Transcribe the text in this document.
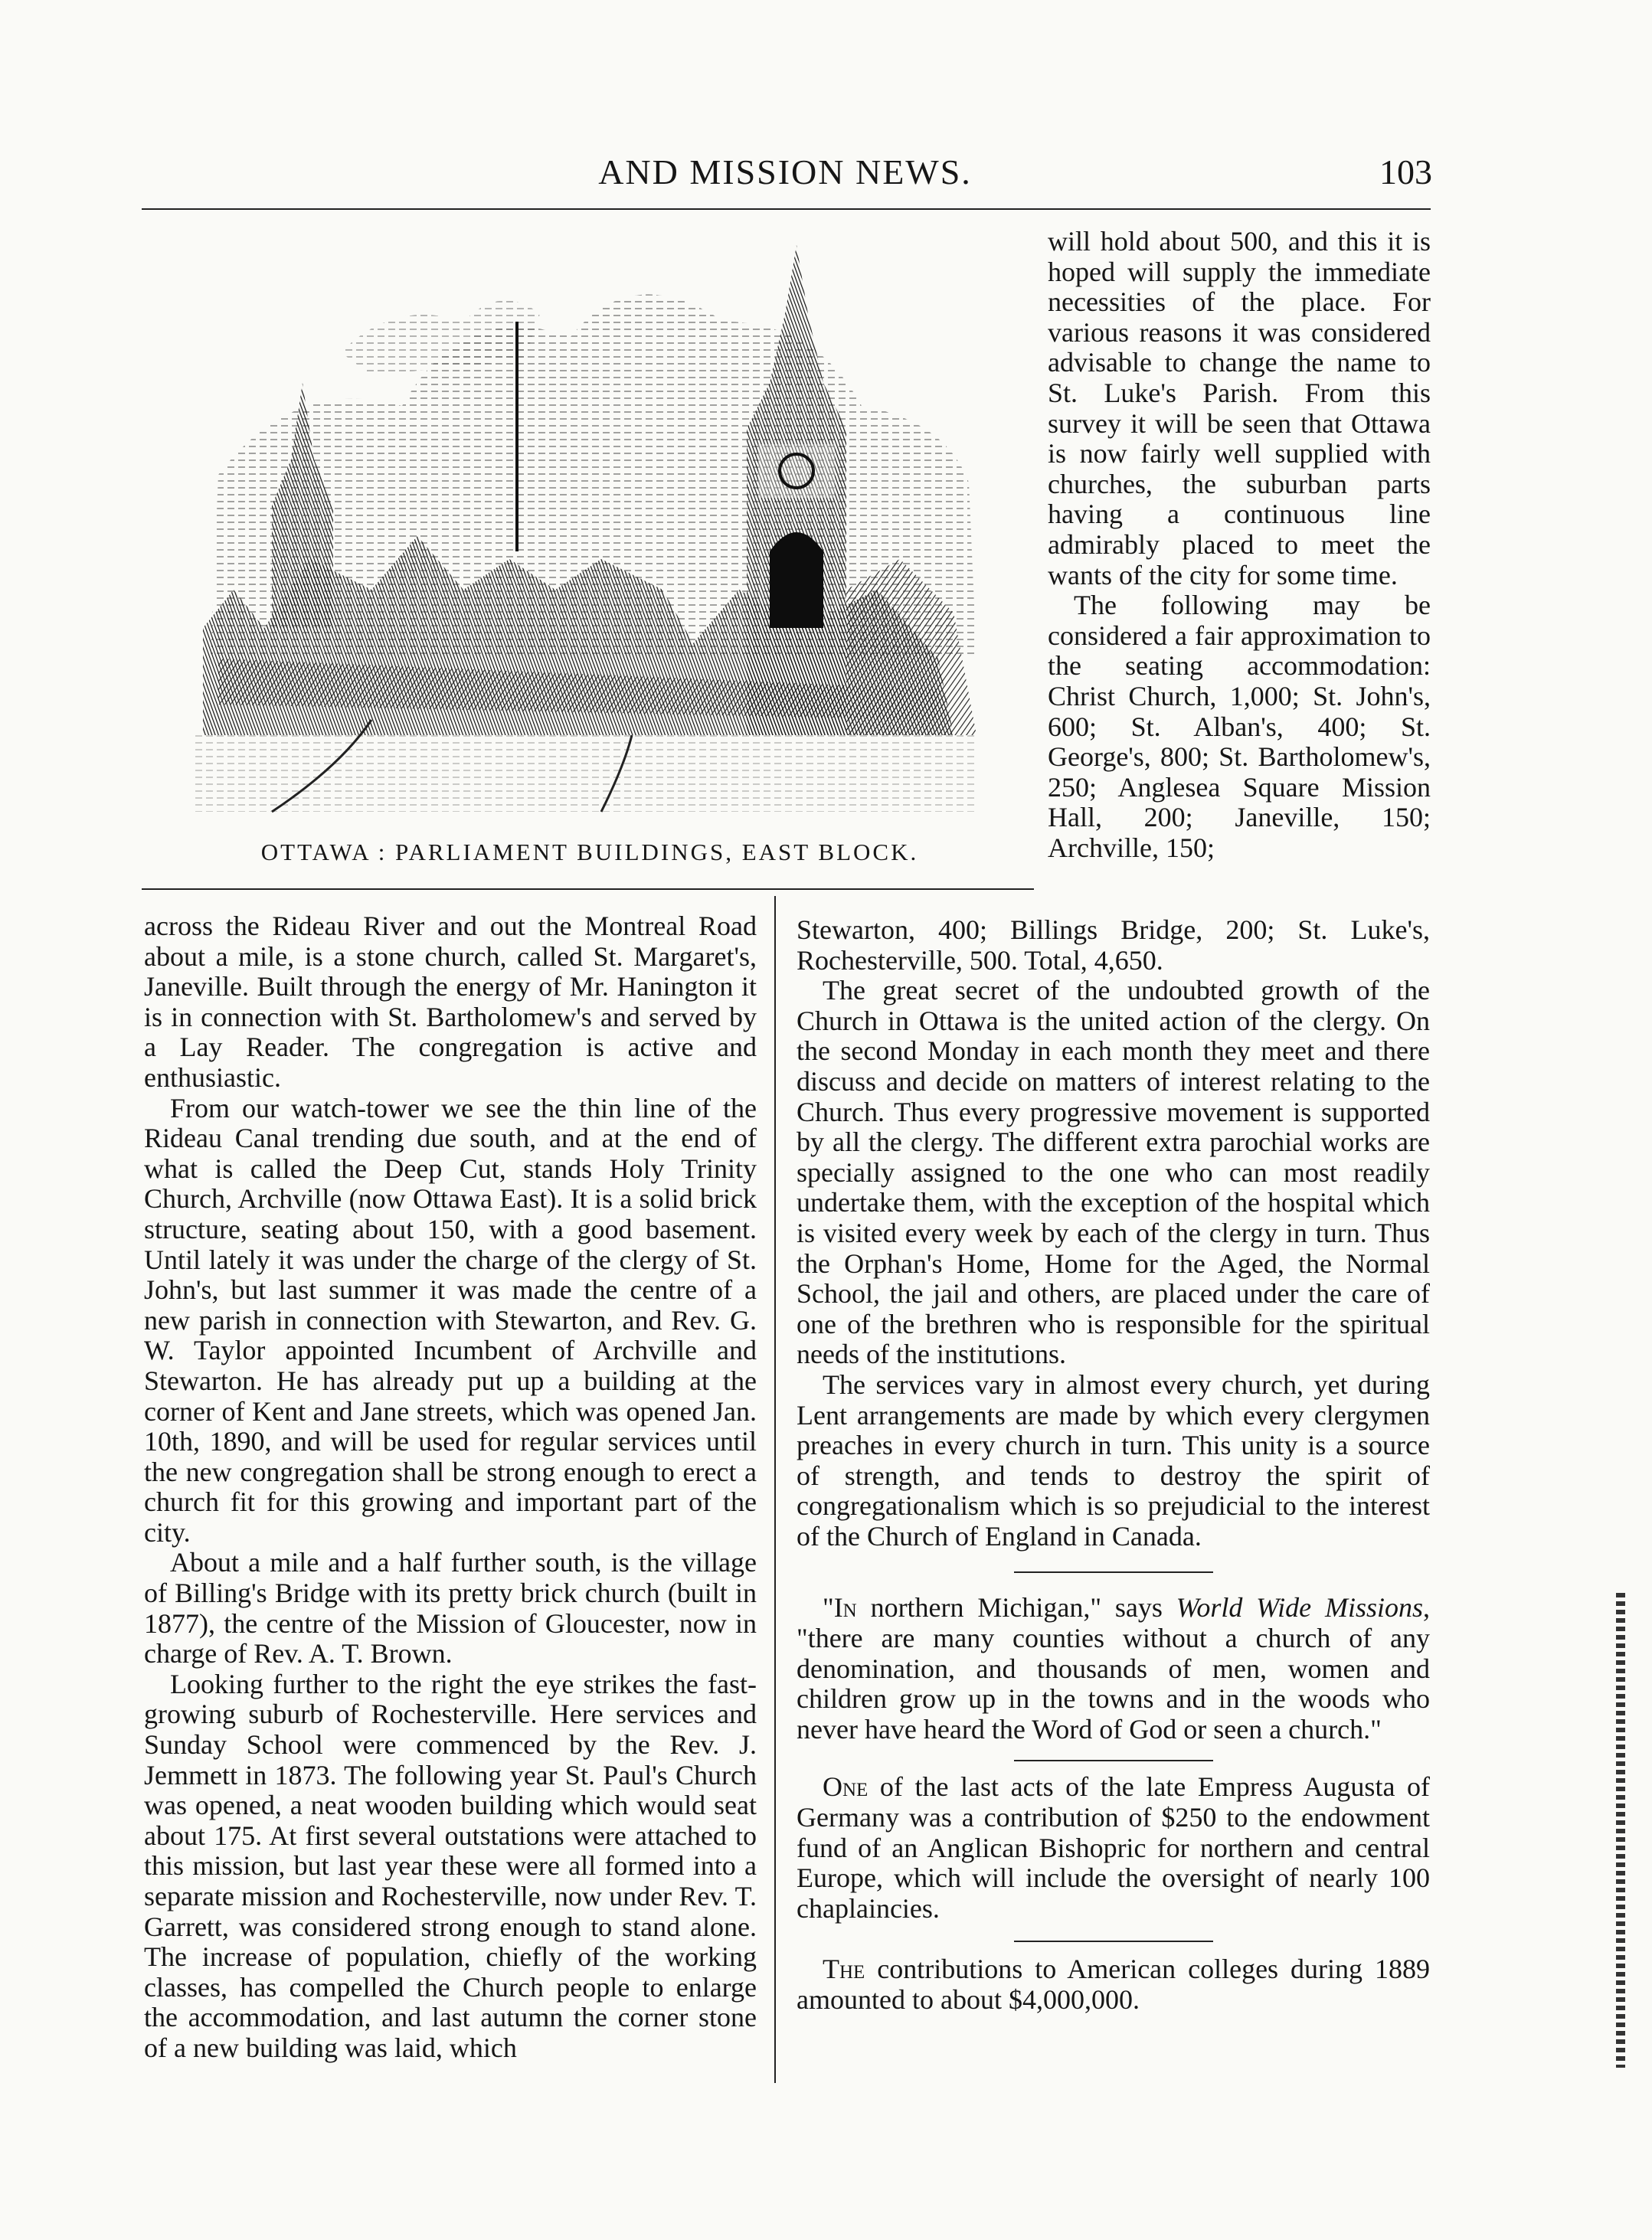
AND MISSION NEWS.	103
OTTAWA : PARLIAMENT BUILDINGS, EAST BLOCK.

will hold about 500, and this it is hoped will supply the immediate necessities of the place. For various reasons it was considered advisable to change the name to St. Luke's Parish. From this survey it will be seen that Ottawa is now fairly well supplied with churches, the suburban parts having a continuous line admirably placed to meet the wants of the city for some time.

The following may be considered a fair approximation to the seating accommodation: Christ Church, 1,000; St. John's, 600; St. Alban's, 400; St. George's, 800; St. Bartholomew's, 250; Anglesea Square Mission Hall, 200; Janeville, 150; Archville, 150;

across the Rideau River and out the Montreal Road about a mile, is a stone church, called St. Margaret's, Janeville. Built through the energy of Mr. Hanington it is in connection with St. Bartholomew's and served by a Lay Reader. The congregation is active and enthusiastic.

From our watch-tower we see the thin line of the Rideau Canal trending due south, and at the end of what is called the Deep Cut, stands Holy Trinity Church, Archville (now Ottawa East). It is a solid brick structure, seating about 150, with a good basement. Until lately it was under the charge of the clergy of St. John's, but last summer it was made the centre of a new parish in connection with Stewarton, and Rev. G. W. Taylor appointed Incumbent of Archville and Stewarton. He has already put up a building at the corner of Kent and Jane streets, which was opened Jan. 10th, 1890, and will be used for regular services until the new congregation shall be strong enough to erect a church fit for this growing and important part of the city.

About a mile and a half further south, is the village of Billing's Bridge with its pretty brick church (built in 1877), the centre of the Mission of Gloucester, now in charge of Rev. A. T. Brown.

Looking further to the right the eye strikes the fast-growing suburb of Rochesterville. Here services and Sunday School were commenced by the Rev. J. Jemmett in 1873. The following year St. Paul's Church was opened, a neat wooden building which would seat about 175. At first several outstations were attached to this mission, but last year these were all formed into a separate mission and Rochesterville, now under Rev. T. Garrett, was considered strong enough to stand alone. The increase of population, chiefly of the working classes, has compelled the Church people to enlarge the accommodation, and last autumn the corner stone of a new building was laid, which

Stewarton, 400; Billings Bridge, 200; St. Luke's, Rochesterville, 500. Total, 4,650.

The great secret of the undoubted growth of the Church in Ottawa is the united action of the clergy. On the second Monday in each month they meet and there discuss and decide on matters of interest relating to the Church. Thus every progressive movement is supported by all the clergy. The different extra parochial works are specially assigned to the one who can most readily undertake them, with the exception of the hospital which is visited every week by each of the clergy in turn. Thus the Orphan's Home, Home for the Aged, the Normal School, the jail and others, are placed under the care of one of the brethren who is responsible for the spiritual needs of the institutions.

The services vary in almost every church, yet during Lent arrangements are made by which every clergymen preaches in every church in turn. This unity is a source of strength, and tends to destroy the spirit of congregationalism which is so prejudicial to the interest of the Church of England in Canada.

"In northern Michigan," says World Wide Missions, "there are many counties without a church of any denomination, and thousands of men, women and children grow up in the towns and in the woods who never have heard the Word of God or seen a church."

One of the last acts of the late Empress Augusta of Germany was a contribution of $250 to the endowment fund of an Anglican Bishopric for northern and central Europe, which will include the oversight of nearly 100 chaplaincies.

The contributions to American colleges during 1889 amounted to about $4,000,000.
